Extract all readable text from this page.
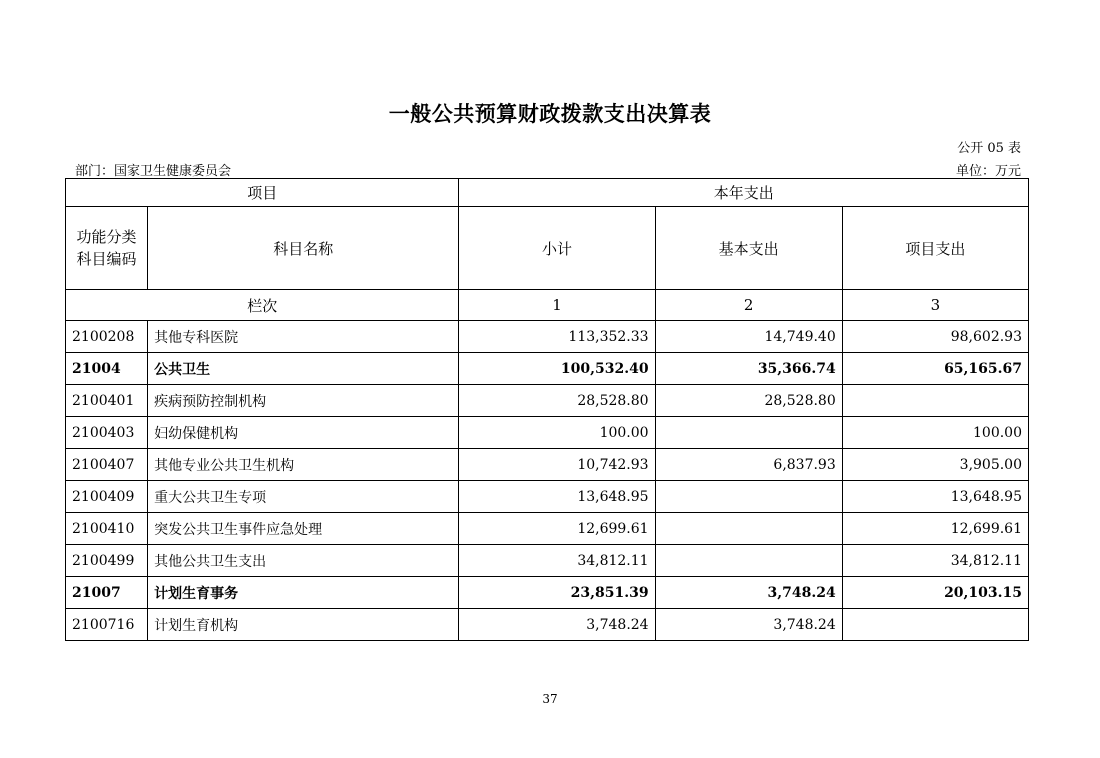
一般公共预算财政拨款支出决算表
公开 05 表
部门：国家卫生健康委员会	单位：万元
项目		本年支出		
功能分类科目编码	科目名称	小计	基本支出	项目支出
栏次		1	2	3
2100208	其他专科医院	113,352.33	14,749.40	98,602.93
21004	公共卫生	100,532.40	35,366.74	65,165.67
2100401	疾病预防控制机构	28,528.80	28,528.80	
2100403	妇幼保健机构	100.00		100.00
2100407	其他专业公共卫生机构	10,742.93	6,837.93	3,905.00
2100409	重大公共卫生专项	13,648.95		13,648.95
2100410	突发公共卫生事件应急处理	12,699.61		12,699.61
2100499	其他公共卫生支出	34,812.11		34,812.11
21007	计划生育事务	23,851.39	3,748.24	20,103.15
2100716	计划生育机构	3,748.24	3,748.24	
37
